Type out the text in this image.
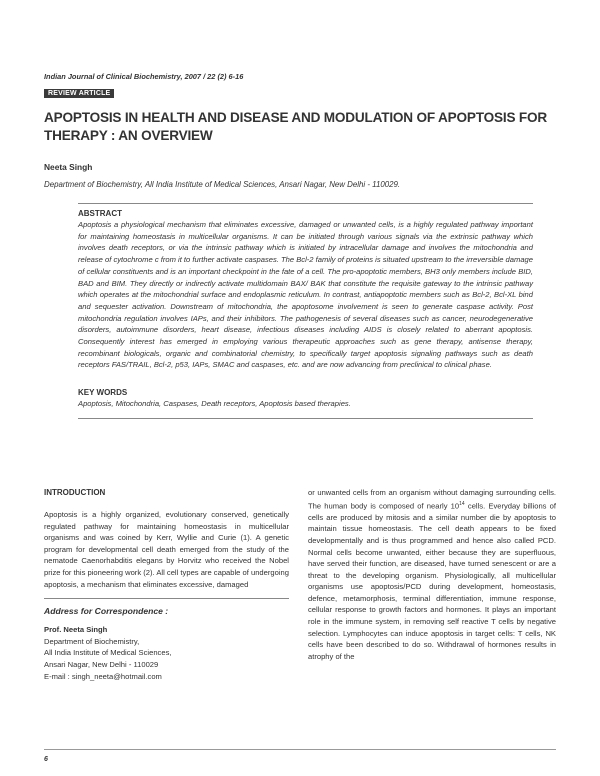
Indian Journal of Clinical Biochemistry, 2007 / 22 (2) 6-16
REVIEW ARTICLE
APOPTOSIS IN HEALTH AND DISEASE AND MODULATION OF APOPTOSIS FOR THERAPY : AN OVERVIEW
Neeta Singh
Department of Biochemistry, All India Institute of Medical Sciences, Ansari Nagar, New Delhi - 110029.
ABSTRACT

Apoptosis a physiological mechanism that eliminates excessive, damaged or unwanted cells, is a highly regulated pathway important for maintaining homeostasis in multicellular organisms. It can be initiated through various signals via the extrinsic pathway which involves death receptors, or via the intrinsic pathway which is initiated by intracellular damage and involves the mitochondria and release of cytochrome c from it to further activate caspases. The Bcl-2 family of proteins is situated upstream to the irreversible damage of cellular constituents and is an important checkpoint in the fate of a cell. The pro-apoptotic members, BH3 only members include BID, BAD and BIM. They directly or indirectly activate multidomain BAX/ BAK that constitute the requisite gateway to the intrinsic pathway which operates at the mitochondrial surface and endoplasmic reticulum. In contrast, antiapoptotic members such as Bcl-2, Bcl-XL bind and sequester activation. Downstream of mitochondria, the apoptosome involvement is seen to generate caspase activity. Post mitochondria regulation involves IAPs, and their inhibitors. The pathogenesis of several diseases such as cancer, neurodegenerative disorders, autoimmune disorders, heart disease, infectious diseases including AIDS is closely related to aberrant apoptosis. Consequently interest has emerged in employing various therapeutic approaches such as gene therapy, antisense therapy, recombinant biologicals, organic and combinatorial chemistry, to specifically target apoptosis signaling pathways such as death receptors FAS/TRAIL, Bcl-2, p53, IAPs, SMAC and caspases, etc. and are now advancing from preclinical to clinical phase.

KEY WORDS

Apoptosis, Mitochondria, Caspases, Death receptors, Apoptosis based therapies.

INTRODUCTION

Apoptosis is a highly organized, evolutionary conserved, genetically regulated pathway for maintaining homeostasis in multicellular organisms and was coined by Kerr, Wyllie and Curie (1). A genetic program for developmental cell death emerged from the study of the nematode Caenorhabditis elegans by Horvitz who received the Nobel prize for this pioneering work (2). All cell types are capable of undergoing apoptosis, a mechanism that eliminates excessive, damaged

Address for Correspondence :
Prof. Neeta Singh
Department of Biochemistry,
All India Institute of Medical Sciences,
Ansari Nagar, New Delhi - 110029
E-mail : singh_neeta@hotmail.com

or unwanted cells from an organism without damaging surrounding cells. The human body is composed of nearly $10^{14}$ cells. Everyday billions of cells are produced by mitosis and a similar number die by apoptosis to maintain tissue homeostasis. The cell death appears to be fixed developmentally and is thus programmed and hence also called PCD. Normal cells become unwanted, either because they are superfluous, have served their function, are diseased, have turned senescent or are a threat to the developing organism. Physiologically, all multicellular organisms use apoptosis/PCD during development, homeostasis, defence, metamorphosis, terminal differentiation, immune response, cellular response to growth factors and hormones. It plays an important role in the immune system, in removing self reactive T cells by negative selection. Lymphocytes can induce apoptosis in target cells: T cells, NK cells have been described to do so. Withdrawal of hormones results in atrophy of the

6
